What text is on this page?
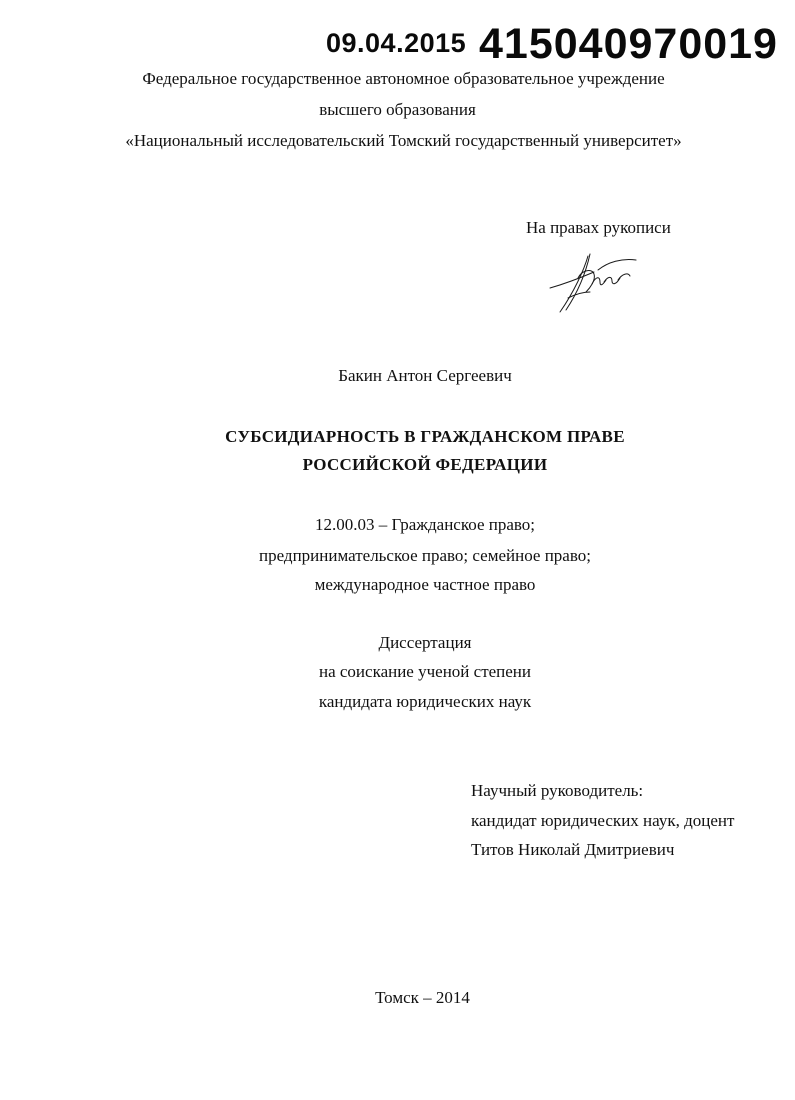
09.04.2015 415040970019
Федеральное государственное автономное образовательное учреждение
высшего образования
«Национальный исследовательский Томский государственный университет»
На правах рукописи
Бакин Антон Сергеевич
СУБСИДИАРНОСТЬ В ГРАЖДАНСКОМ ПРАВЕ
РОССИЙСКОЙ ФЕДЕРАЦИИ
12.00.03 – Гражданское право;
предпринимательское право; семейное право;
международное частное право
Диссертация
на соискание ученой степени
кандидата юридических наук
Научный руководитель:
кандидат юридических наук, доцент
Титов Николай Дмитриевич
Томск – 2014
